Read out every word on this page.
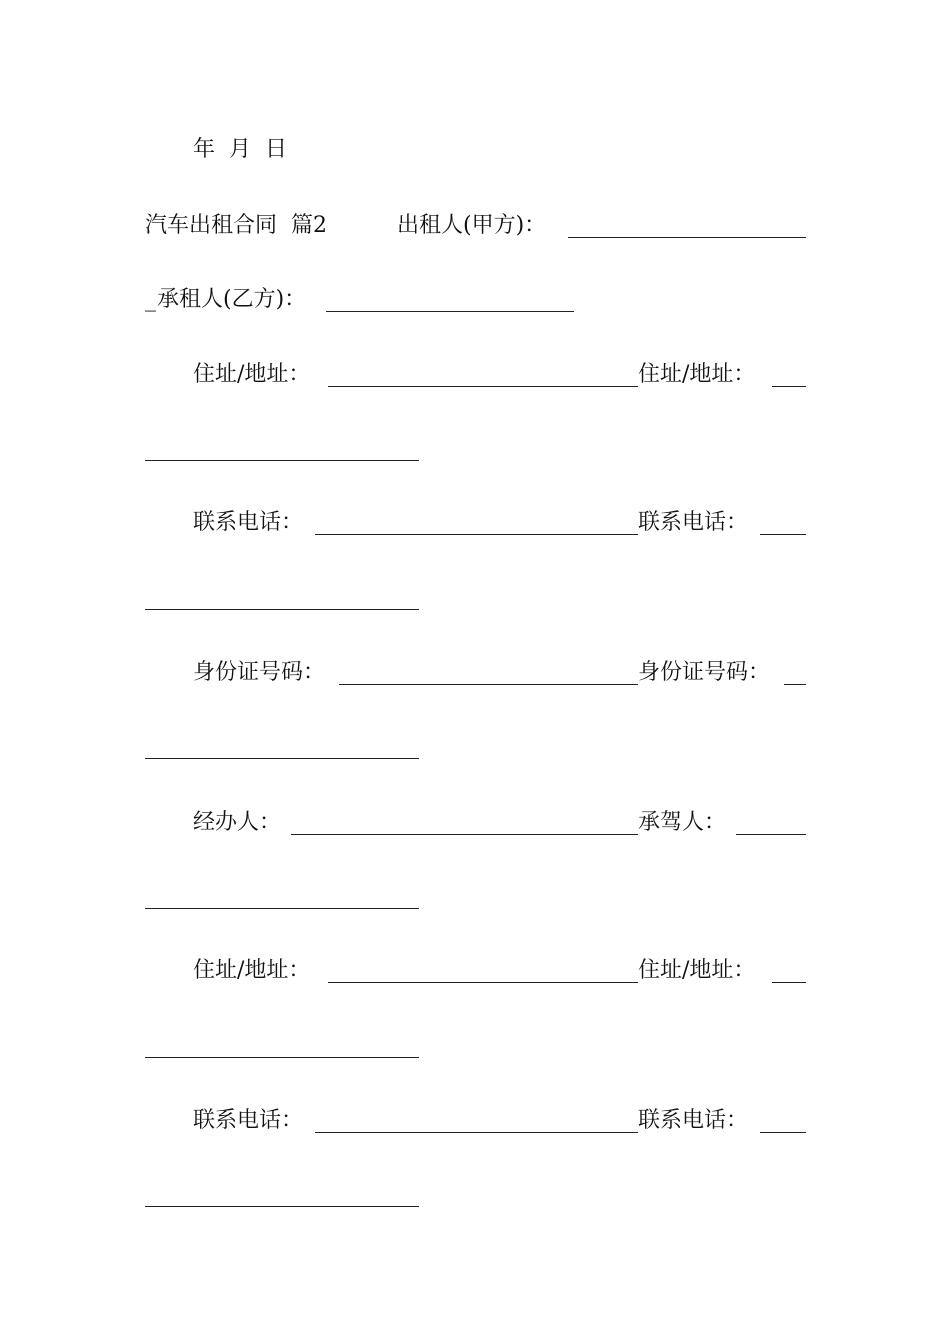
年  月  日
汽车出租合同  篇2	出租人(甲方)：
_ 承租人(乙方)：
住址/地址：	住址/地址：
联系电话：	联系电话：
身份证号码：	身份证号码：
经办人：	承驾人：
住址/地址：	住址/地址：
联系电话：	联系电话：
